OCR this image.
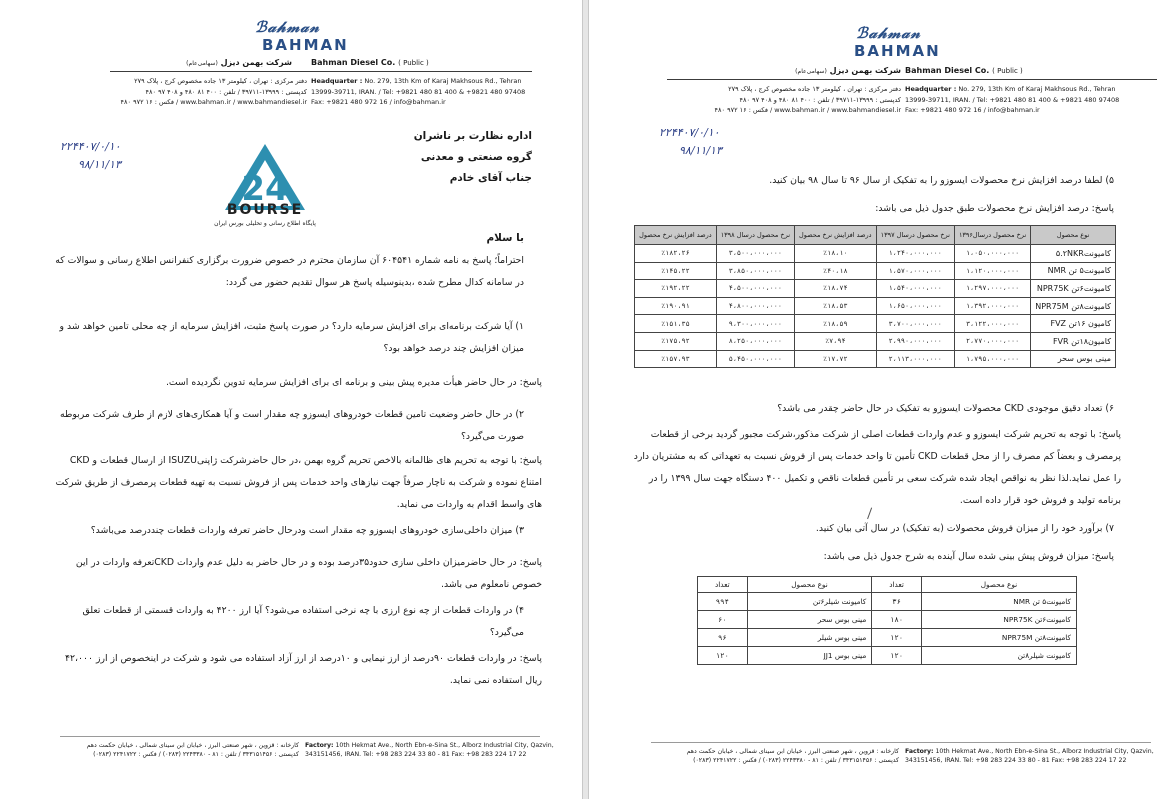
ℬ𝒶𝒽𝓂𝒶𝓃
BAHMAN
Bahman Diesel Co. ( Public )
شرکت بهمن دیزل (سهامی‌عام)
Headquarter : No. 279, 13th Km of Karaj Makhsous Rd., Tehran
13999-39711, IRAN. / Tel: +9821 480 81 400 & +9821 480 97408
Fax: +9821 480 972 16 / info@bahman.ir
دفتر مرکزی : تهران ، کیلومتر ۱۳ جاده مخصوص کرج ، پلاک ۲۷۹
کدپستی : ۱۳۹۹۹-۳۹۷۱۱ / تلفن : ۴۰۰ ۸۱ ۴۸۰ و ۴۰۸ ۹۷ ۴۸۰
www.bahman.ir / www.bahmandiesel.ir / فکس : ۱۶ ۹۷۲ ۴۸۰
۲۲۴۴۰۷/۰/۱۰
۹۸/۱۱/۱۳
24
BOURSE
پایگاه اطلاع رسانی و تحلیلی بورس ایران
اداره نظارت بر ناشران
گروه صنعتی و معدنی
جناب آقای خادم
با سلام
احتراماً؛ پاسخ به نامه شماره ۶۰۴۵۴۱ آن سازمان محترم در خصوص ضرورت برگزاری کنفرانس اطلاع رسانی و سوالات که در سامانه کدال مطرح شده ،بدینوسیله پاسخ هر سوال تقدیم حضور می گردد:
۱) آیا شرکت برنامه‌ای برای افزایش سرمایه دارد؟ در صورت پاسخ مثبت، افزایش سرمایه از چه محلی تامین خواهد شد و میزان افزایش چند درصد خواهد بود؟
پاسخ: در حال حاضر هیأت مدیره پیش بینی و برنامه ای برای افزایش سرمایه تدوین نگردیده است.
۲) در حال حاضر وضعیت تامین قطعات خودروهای ایسوزو چه مقدار است و آیا همکاری‌های لازم از طرف شرکت مربوطه صورت می‌گیرد؟
پاسخ: با توجه به تحریم های ظالمانه بالاخص تحریم گروه بهمن ،در حال حاضرشرکت ژاپنیISUZU از ارسال قطعات و CKD امتناع نموده و شرکت به ناچار صرفاً جهت نیازهای واحد خدمات پس از فروش نسبت به تهیه قطعات پرمصرف از طریق شرکت های واسط اقدام به واردات می نماید.
۳) میزان داخلی‌سازی خودروهای ایسوزو چه مقدار است ودرحال حاضر تعرفه واردات قطعات چنددرصد می‌باشد؟
پاسخ: در حال حاضرمیزان داخلی سازی حدود۳۵درصد بوده و در حال حاضر به دلیل عدم واردات CKDتعرفه واردات در این خصوص نامعلوم می باشد.
۴) در واردات قطعات از چه نوع ارزی با چه نرخی استفاده می‌شود؟ آیا ارز ۴۲۰۰ به واردات قسمتی از قطعات تعلق می‌گیرد؟
پاسخ: در واردات قطعات ۹۰درصد از ارز نیمایی و ۱۰درصد از ارز آزاد استفاده می شود و شرکت در اینخصوص از ارز ۴۲،۰۰۰ ریال استفاده نمی نماید.
Factory: 10th Hekmat Ave., North Ebn-e-Sina St., Alborz Industrial City, Qazvin,
343151456, IRAN. Tel: +98 283 224 33 80 - 81 Fax: +98 283 224 17 22
کارخانه : قزوین ، شهر صنعتی البرز ، خیابان ابن سینای شمالی ، خیابان حکمت دهم
کدپستی : ۳۴۳۱۵۱۴۵۶ / تلفن : ۸۱ - ۲۲۴۳۳۸۰ (۰۲۸۳) / فکس : ۲۲۴۱۷۲۲ (۰۲۸۳)
ℬ𝒶𝒽𝓂𝒶𝓃
BAHMAN
Bahman Diesel Co. ( Public )
شرکت بهمن دیزل (سهامی‌عام)
Headquarter : No. 279, 13th Km of Karaj Makhsous Rd., Tehran
13999-39711, IRAN. / Tel: +9821 480 81 400 & +9821 480 97408
Fax: +9821 480 972 16 / info@bahman.ir
دفتر مرکزی : تهران ، کیلومتر ۱۳ جاده مخصوص کرج ، پلاک ۲۷۹
کدپستی : ۱۳۹۹۹-۳۹۷۱۱ / تلفن : ۴۰۰ ۸۱ ۴۸۰ و ۴۰۸ ۹۷ ۴۸۰
www.bahman.ir / www.bahmandiesel.ir / فکس : ۱۶ ۹۷۲ ۴۸۰
۲۲۴۴۰۷/۰/۱۰
۹۸/۱۱/۱۳
۵) لطفا درصد افزایش نرخ محصولات ایسوزو را به تفکیک از سال ۹۶ تا سال ۹۸ بیان کنید.
پاسخ: درصد افزایش نرخ محصولات طبق جدول ذیل می باشد:
نوع محصول	نرخ محصول درسال۱۳۹۶	نرخ محصول درسال ۱۳۹۷	درصد افزایش نرخ محصول	نرخ محصول درسال ۱۳۹۸	درصد افزایش نرخ محصول
کامیونت۵.۲NKR	۱،۰۵۰،۰۰۰،۰۰۰	۱،۲۴۰،۰۰۰،۰۰۰	٪۱۸،۱۰	۳،۵۰۰،۰۰۰،۰۰۰	٪۱۸۲،۲۶
کامیونت۵ تن NMR	۱،۱۲۰،۰۰۰،۰۰۰	۱،۵۷۰،۰۰۰،۰۰۰	٪۴۰،۱۸	۳،۸۵۰،۰۰۰،۰۰۰	٪۱۴۵،۲۲
کامیونت۶تن NPR75K	۱،۲۹۷،۰۰۰،۰۰۰	۱،۵۴۰،۰۰۰،۰۰۰	٪۱۸،۷۴	۴،۵۰۰،۰۰۰،۰۰۰	٪۱۹۲،۲۲
کامیونت۸تن NPR75M	۱،۳۹۲،۰۰۰،۰۰۰	۱،۶۵۰،۰۰۰،۰۰۰	٪۱۸،۵۳	۴،۸۰۰،۰۰۰،۰۰۰	٪۱۹۰،۹۱
کامیون ۱۶تن FVZ	۳،۱۲۲،۰۰۰،۰۰۰	۳،۷۰۰،۰۰۰،۰۰۰	٪۱۸،۵۹	۹،۳۰۰،۰۰۰،۰۰۰	٪۱۵۱،۳۵
کامیون۱۸تن FVR	۲،۷۷۰،۰۰۰،۰۰۰	۲،۹۹۰،۰۰۰،۰۰۰	٪۷،۹۴	۸،۲۵۰،۰۰۰،۰۰۰	٪۱۷۵،۹۲
مینی بوس سحر	۱،۷۹۵،۰۰۰،۰۰۰	۲،۱۱۳،۰۰۰،۰۰۰	٪۱۷،۷۲	۵،۴۵۰،۰۰۰،۰۰۰	٪۱۵۷،۹۳
۶) تعداد دقیق موجودی CKD محصولات ایسوزو به تفکیک در حال حاضر چقدر می باشد؟
پاسخ: با توجه به تحریم شرکت ایسوزو و عدم واردات قطعات اصلی از شرکت مذکور،شرکت مجبور گردید برخی از قطعات پرمصرف و بعضاً کم مصرف را از محل قطعات CKD تأمین تا واحد خدمات پس از فروش نسبت به تعهداتی که به مشتریان دارد را عمل نماید.لذا نظر به نواقص ایجاد شده شرکت سعی بر تأمین قطعات ناقص و تکمیل ۴۰۰ دستگاه جهت سال ۱۳۹۹ را در برنامه تولید و فروش خود قرار داده است.
۷) برآورد خود را از میزان فروش محصولات (به تفکیک) در سال آتی بیان کنید.
پاسخ: میزان فروش پیش بینی شده سال آینده به شرح جدول ذیل می باشد:
نوع محصول	تعداد	نوع محصول	تعداد
کامیونت۵ تن NMR	۳۶	کامیونت شیلر۶تن	۹۹۴
کامیونت۶تن NPR75K	۱۸۰	مینی بوس سحر	۶۰
کامیونت۸تن NPR75M	۱۲۰	مینی بوس شیلر	۹۶
کامیونت شیلر۸تن	۱۲۰	مینی بوس JJ1	۱۲۰
Factory: 10th Hekmat Ave., North Ebn-e-Sina St., Alborz Industrial City, Qazvin,
343151456, IRAN. Tel: +98 283 224 33 80 - 81 Fax: +98 283 224 17 22
کارخانه : قزوین ، شهر صنعتی البرز ، خیابان ابن سینای شمالی ، خیابان حکمت دهم
کدپستی : ۳۴۳۱۵۱۴۵۶ / تلفن : ۸۱ - ۲۲۴۳۳۸۰ (۰۲۸۳) / فکس : ۲۲۴۱۷۲۲ (۰۲۸۳)
